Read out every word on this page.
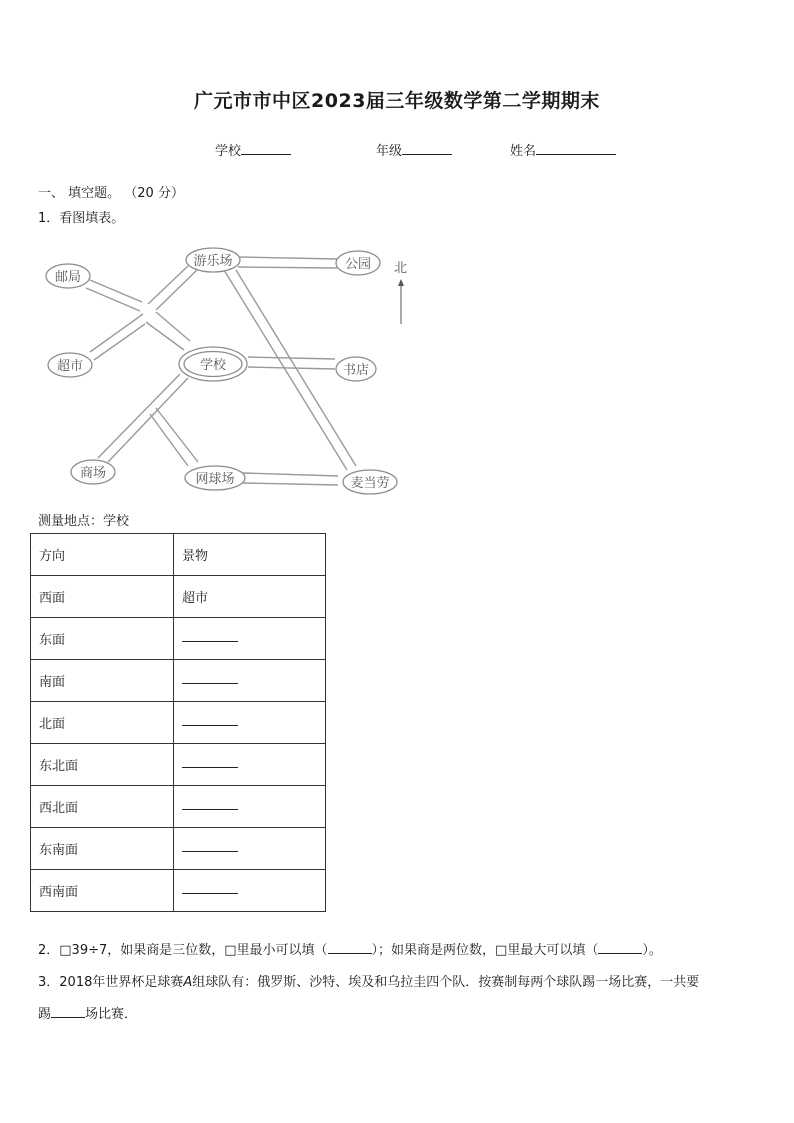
广元市市中区2023届三年级数学第二学期期末
学校	年级	姓名
一、 填空题。 （20 分）
1．看图填表。
游乐场	公园
邮局
超市	学校	书店
商场	网球场	麦当劳
北
测量地点：学校
方向	景物
西面	超市
东面	
南面	
北面	
东北面	
西北面	
东南面	
西南面	
2．□39÷7，如果商是三位数，□里最小可以填（	）；如果商是两位数，□里最大可以填（	）。
3．2018年世界杯足球赛A组球队有：俄罗斯、沙特、埃及和乌拉圭四个队．按赛制每两个球队踢一场比赛，一共要
踢	场比赛．
